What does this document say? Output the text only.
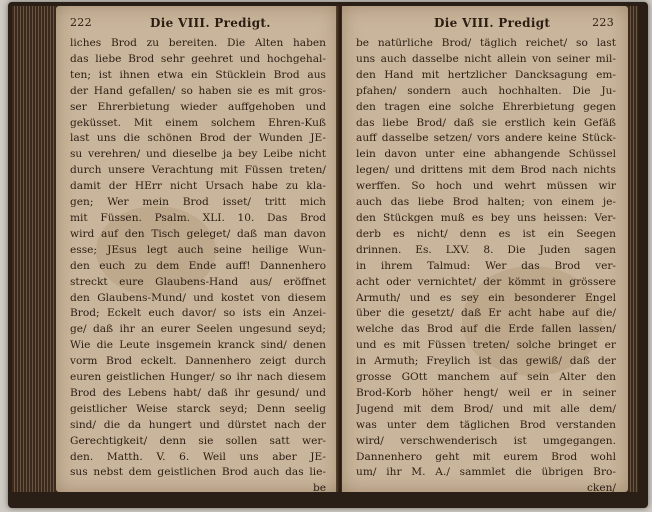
222	Die VIII. Predigt.
liches Brod zu bereiten. Die Alten haben
das liebe Brod sehr geehret und hochgehal-
ten; ist ihnen etwa ein Stücklein Brod aus
der Hand gefallen/ so haben sie es mit gros-
ser Ehrerbietung wieder auffgehoben und
geküsset. Mit einem solchem Ehren-Kuß
last uns die schönen Brod der Wunden JE-
su verehren/ und dieselbe ja bey Leibe nicht
durch unsere Verachtung mit Füssen treten/
damit der HErr nicht Ursach habe zu kla-
gen; Wer mein Brod isset/ tritt mich
mit Füssen. Psalm. XLI. 10. Das Brod
wird auf den Tisch geleget/ daß man davon
esse; JEsus legt auch seine heilige Wun-
den euch zu dem Ende auff! Dannenhero
streckt eure Glaubens-Hand aus/ eröffnet
den Glaubens-Mund/ und kostet von diesem
Brod; Eckelt euch davor/ so ists ein Anzei-
ge/ daß ihr an eurer Seelen ungesund seyd;
Wie die Leute insgemein kranck sind/ denen
vorm Brod eckelt. Dannenhero zeigt durch
euren geistlichen Hunger/ so ihr nach diesem
Brod des Lebens habt/ daß ihr gesund/ und
geistlicher Weise starck seyd; Denn seelig
sind/ die da hungert und dürstet nach der
Gerechtigkeit/ denn sie sollen satt wer-
den. Matth. V. 6. Weil uns aber JE-
sus nebst dem geistlichen Brod auch das lie-
be
Die VIII. Predigt	223
be natürliche Brod/ täglich reichet/ so last
uns auch dasselbe nicht allein von seiner mil-
den Hand mit hertzlicher Dancksagung em-
pfahen/ sondern auch hochhalten. Die Ju-
den tragen eine solche Ehrerbietung gegen
das liebe Brod/ daß sie erstlich kein Gefäß
auff dasselbe setzen/ vors andere keine Stück-
lein davon unter eine abhangende Schüssel
legen/ und drittens mit dem Brod nach nichts
werffen. So hoch und wehrt müssen wir
auch das liebe Brod halten; von einem je-
den Stückgen muß es bey uns heissen: Ver-
derb es nicht/ denn es ist ein Seegen
drinnen. Es. LXV. 8. Die Juden sagen
in ihrem Talmud: Wer das Brod ver-
acht oder vernichtet/ der kömmt in grössere
Armuth/ und es sey ein besonderer Engel
über die gesetzt/ daß Er acht habe auf die/
welche das Brod auf die Erde fallen lassen/
und es mit Füssen treten/ solche bringet er
in Armuth; Freylich ist das gewiß/ daß der
grosse GOtt manchem auf sein Alter den
Brod-Korb höher hengt/ weil er in seiner
Jugend mit dem Brod/ und mit alle dem/
was unter dem täglichen Brod verstanden
wird/ verschwenderisch ist umgegangen.
Dannenhero geht mit eurem Brod wohl
um/ ihr M. A./ sammlet die übrigen Bro-
cken/
